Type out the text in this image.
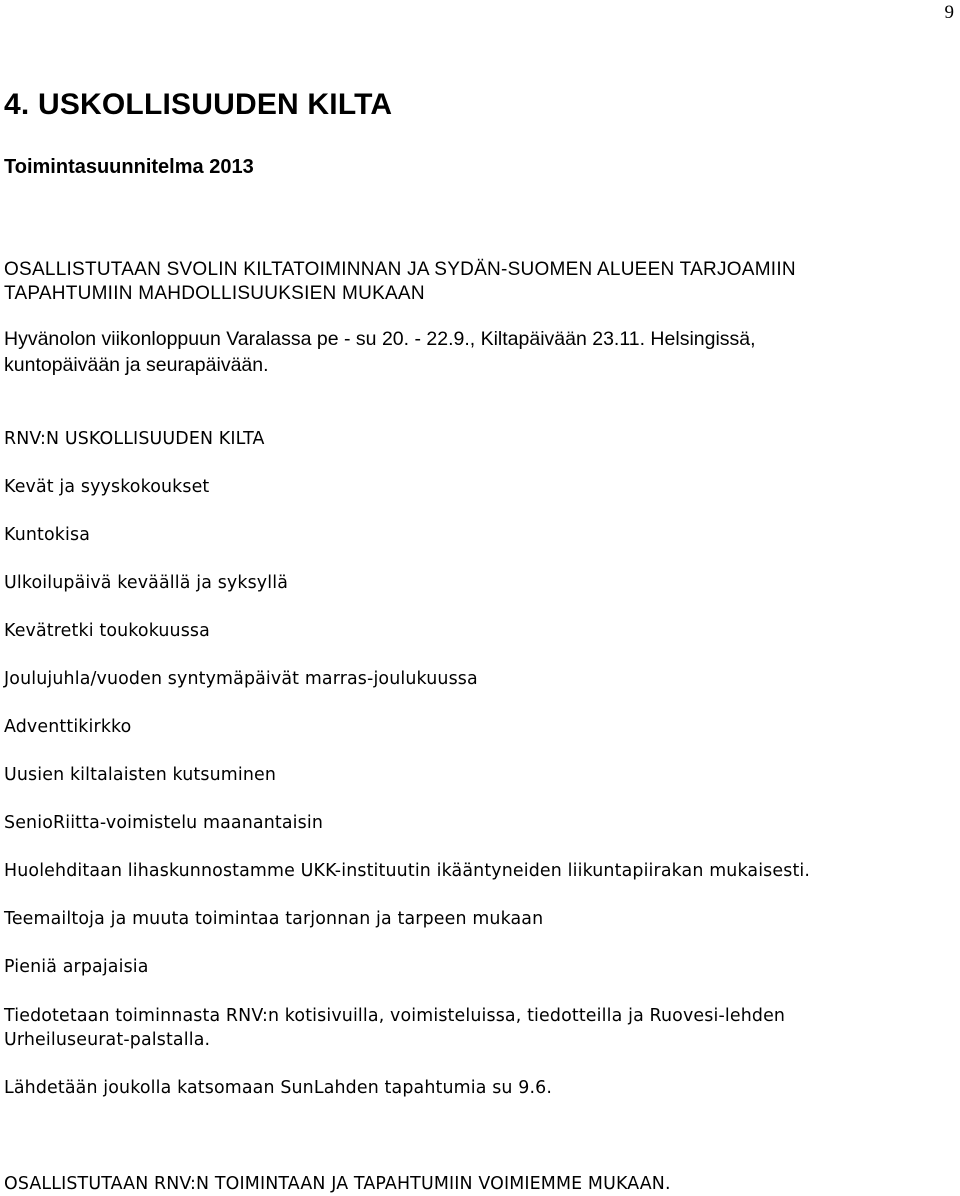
9
4. USKOLLISUUDEN KILTA
Toimintasuunnitelma 2013

OSALLISTUTAAN SVOLIN KILTATOIMINNAN JA SYDÄN-SUOMEN ALUEEN TARJOAMIIN

TAPAHTUMIIN MAHDOLLISUUKSIEN MUKAAN

Hyvänolon viikonloppuun Varalassa pe - su 20. - 22.9., Kiltapäivään 23.11. Helsingissä,

kuntopäivään ja seurapäivään.

RNV:N USKOLLISUUDEN KILTA

Kevät ja syyskokoukset

Kuntokisa

Ulkoilupäivä keväällä ja syksyllä

Kevätretki toukokuussa

Joulujuhla/vuoden syntymäpäivät marras-joulukuussa

Adventtikirkko

Uusien kiltalaisten kutsuminen

SenioRiitta-voimistelu maanantaisin

Huolehditaan lihaskunnostamme UKK-instituutin ikääntyneiden liikuntapiirakan mukaisesti.

Teemailtoja ja muuta toimintaa tarjonnan ja tarpeen mukaan

Pieniä arpajaisia

Tiedotetaan toiminnasta RNV:n kotisivuilla, voimisteluissa, tiedotteilla ja Ruovesi-lehden

Urheiluseurat-palstalla.

Lähdetään joukolla katsomaan SunLahden tapahtumia su 9.6.

OSALLISTUTAAN RNV:N TOIMINTAAN JA TAPAHTUMIIN VOIMIEMME MUKAAN.
